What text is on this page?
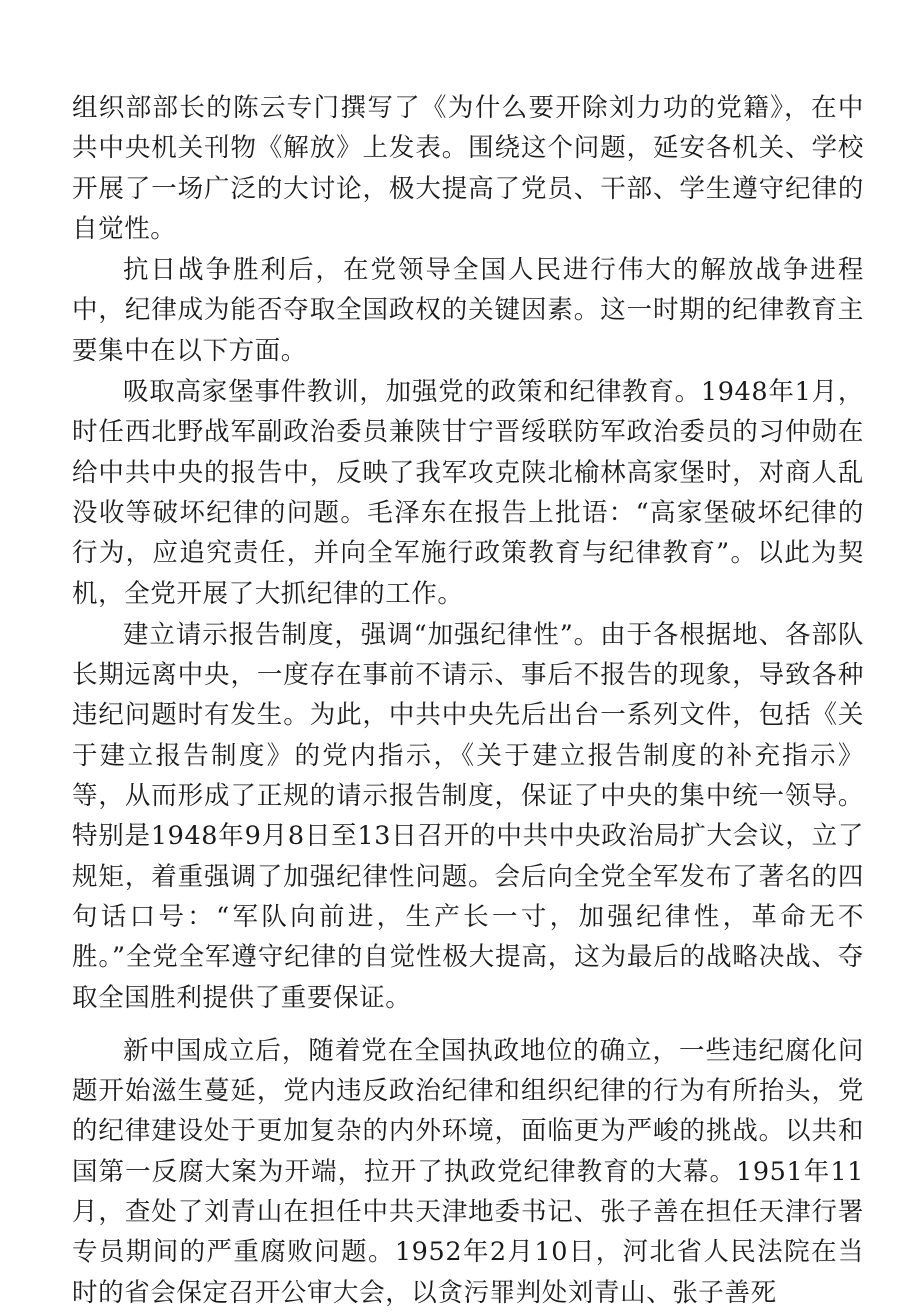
组织部部长的陈云专门撰写了《为什么要开除刘力功的党籍》，在中共中央机关刊物《解放》上发表。围绕这个问题，延安各机关、学校开展了一场广泛的大讨论，极大提高了党员、干部、学生遵守纪律的自觉性。

抗日战争胜利后，在党领导全国人民进行伟大的解放战争进程中，纪律成为能否夺取全国政权的关键因素。这一时期的纪律教育主要集中在以下方面。

吸取高家堡事件教训，加强党的政策和纪律教育。1948年1月，时任西北野战军副政治委员兼陕甘宁晋绥联防军政治委员的习仲勋在给中共中央的报告中，反映了我军攻克陕北榆林高家堡时，对商人乱没收等破坏纪律的问题。毛泽东在报告上批语：“高家堡破坏纪律的行为，应追究责任，并向全军施行政策教育与纪律教育”。以此为契机，全党开展了大抓纪律的工作。

建立请示报告制度，强调“加强纪律性”。由于各根据地、各部队长期远离中央，一度存在事前不请示、事后不报告的现象，导致各种违纪问题时有发生。为此，中共中央先后出台一系列文件，包括《关于建立报告制度》的党内指示，《关于建立报告制度的补充指示》等，从而形成了正规的请示报告制度，保证了中央的集中统一领导。特别是1948年9月8日至13日召开的中共中央政治局扩大会议，立了规矩，着重强调了加强纪律性问题。会后向全党全军发布了著名的四句话口号：“军队向前进，生产长一寸，加强纪律性，革命无不胜。”全党全军遵守纪律的自觉性极大提高，这为最后的战略决战、夺取全国胜利提供了重要保证。

新中国成立后，随着党在全国执政地位的确立，一些违纪腐化问题开始滋生蔓延，党内违反政治纪律和组织纪律的行为有所抬头，党的纪律建设处于更加复杂的内外环境，面临更为严峻的挑战。以共和国第一反腐大案为开端，拉开了执政党纪律教育的大幕。1951年11月，查处了刘青山在担任中共天津地委书记、张子善在担任天津行署专员期间的严重腐败问题。1952年2月10日，河北省人民法院在当时的省会保定召开公审大会，以贪污罪判处刘青山、张子善死
